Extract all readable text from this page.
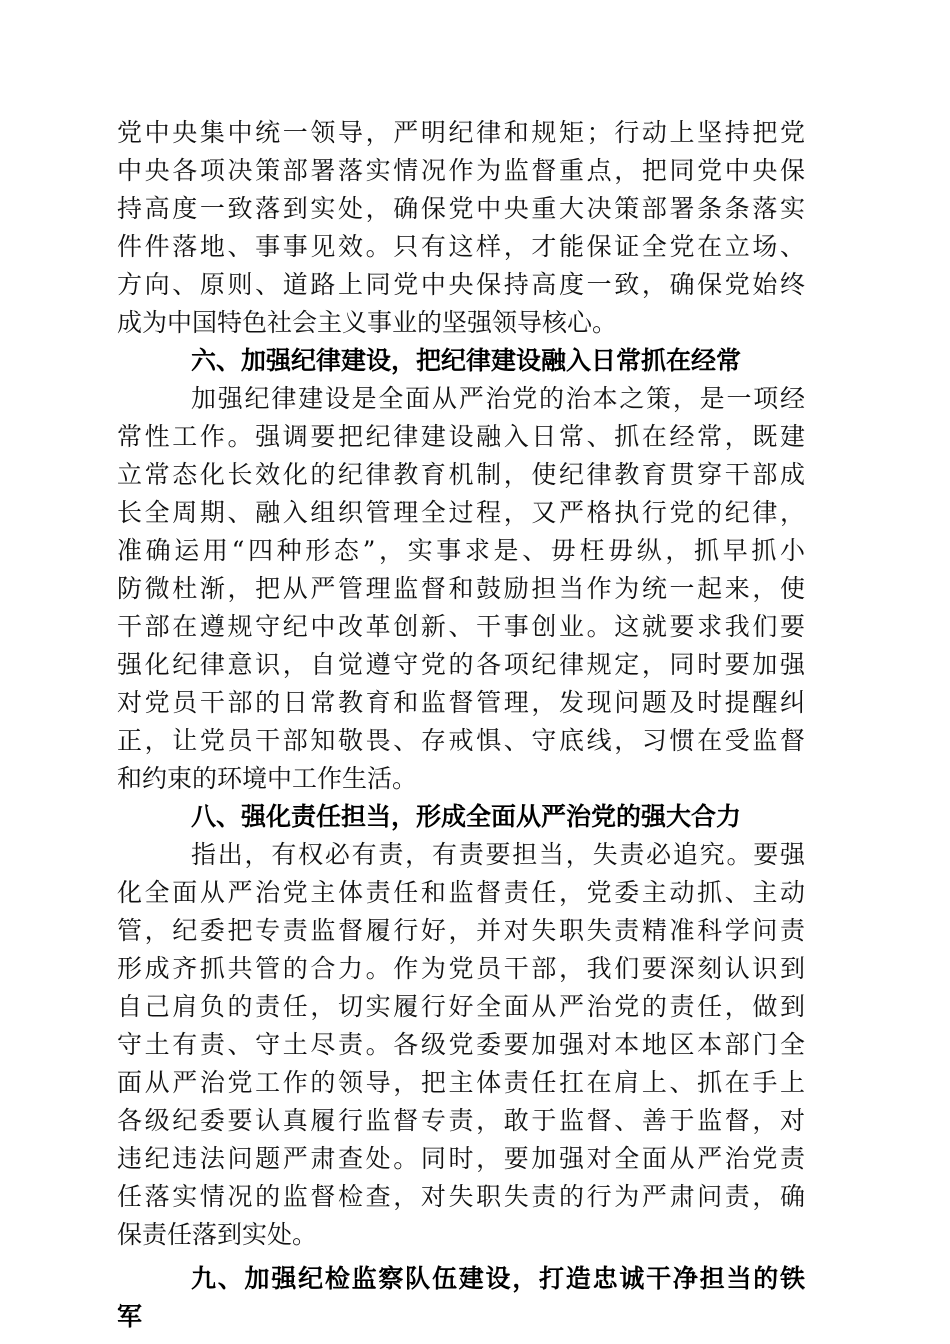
党中央集中统一领导，严明纪律和规矩；行动上坚持把党
中央各项决策部署落实情况作为监督重点，把同党中央保
持高度一致落到实处，确保党中央重大决策部署条条落实
件件落地、事事见效。只有这样，才能保证全党在立场、
方向、原则、道路上同党中央保持高度一致，确保党始终
成为中国特色社会主义事业的坚强领导核心。
六、加强纪律建设，把纪律建设融入日常抓在经常
加强纪律建设是全面从严治党的治本之策，是一项经
常性工作。强调要把纪律建设融入日常、抓在经常，既建
立常态化长效化的纪律教育机制，使纪律教育贯穿干部成
长全周期、融入组织管理全过程，又严格执行党的纪律，
准确运用“四种形态”，实事求是、毋枉毋纵，抓早抓小
防微杜渐，把从严管理监督和鼓励担当作为统一起来，使
干部在遵规守纪中改革创新、干事创业。这就要求我们要
强化纪律意识，自觉遵守党的各项纪律规定，同时要加强
对党员干部的日常教育和监督管理，发现问题及时提醒纠
正，让党员干部知敬畏、存戒惧、守底线，习惯在受监督
和约束的环境中工作生活。
八、强化责任担当，形成全面从严治党的强大合力
指出，有权必有责，有责要担当，失责必追究。要强
化全面从严治党主体责任和监督责任，党委主动抓、主动
管，纪委把专责监督履行好，并对失职失责精准科学问责
形成齐抓共管的合力。作为党员干部，我们要深刻认识到
自己肩负的责任，切实履行好全面从严治党的责任，做到
守土有责、守土尽责。各级党委要加强对本地区本部门全
面从严治党工作的领导，把主体责任扛在肩上、抓在手上
各级纪委要认真履行监督专责，敢于监督、善于监督，对
违纪违法问题严肃查处。同时，要加强对全面从严治党责
任落实情况的监督检查，对失职失责的行为严肃问责，确
保责任落到实处。
九、加强纪检监察队伍建设，打造忠诚干净担当的铁
军
